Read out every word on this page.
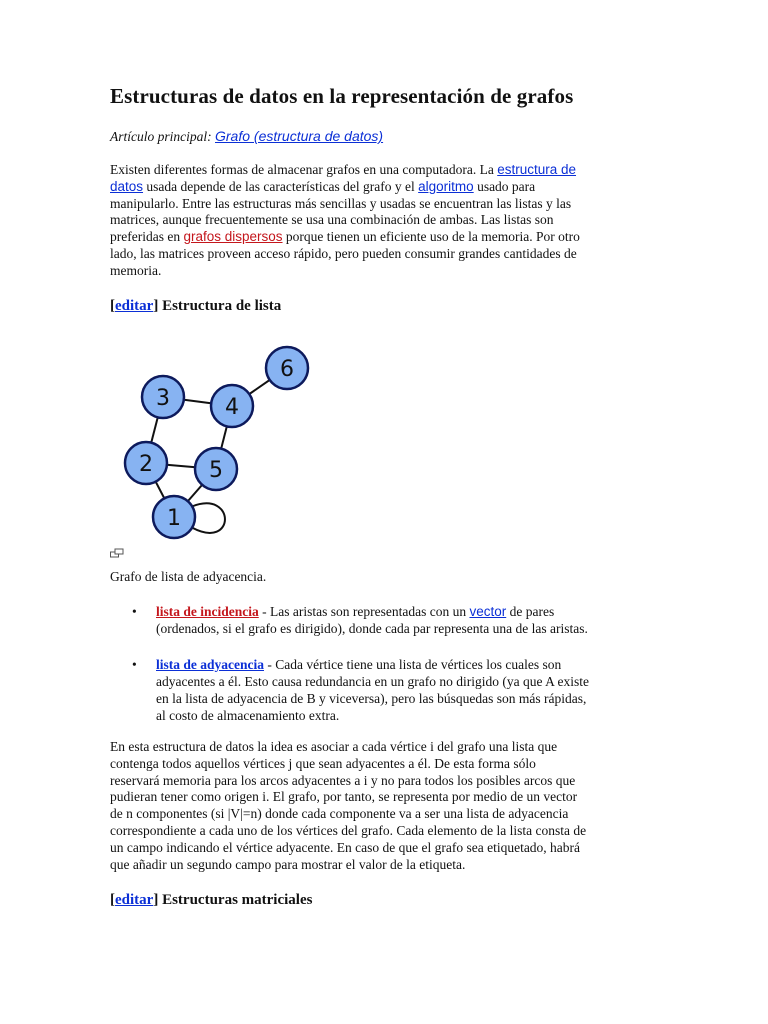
Estructuras de datos en la representación de grafos
Artículo principal: Grafo (estructura de datos)
Existen diferentes formas de almacenar grafos en una computadora. La estructura de
datos usada depende de las características del grafo y el algoritmo usado para
manipularlo. Entre las estructuras más sencillas y usadas se encuentran las listas y las
matrices, aunque frecuentemente se usa una combinación de ambas. Las listas son
preferidas en grafos dispersos porque tienen un eficiente uso de la memoria. Por otro
lado, las matrices proveen acceso rápido, pero pueden consumir grandes cantidades de
memoria.
[editar] Estructura de lista
1
2
3	4
5
6
Grafo de lista de adyacencia.
• lista de incidencia - Las aristas son representadas con un vector de pares
(ordenados, si el grafo es dirigido), donde cada par representa una de las aristas.
• lista de adyacencia - Cada vértice tiene una lista de vértices los cuales son
adyacentes a él. Esto causa redundancia en un grafo no dirigido (ya que A existe
en la lista de adyacencia de B y viceversa), pero las búsquedas son más rápidas,
al costo de almacenamiento extra.
En esta estructura de datos la idea es asociar a cada vértice i del grafo una lista que
contenga todos aquellos vértices j que sean adyacentes a él. De esta forma sólo
reservará memoria para los arcos adyacentes a i y no para todos los posibles arcos que
pudieran tener como origen i. El grafo, por tanto, se representa por medio de un vector
de n componentes (si |V|=n) donde cada componente va a ser una lista de adyacencia
correspondiente a cada uno de los vértices del grafo. Cada elemento de la lista consta de
un campo indicando el vértice adyacente. En caso de que el grafo sea etiquetado, habrá
que añadir un segundo campo para mostrar el valor de la etiqueta.
[editar] Estructuras matriciales
